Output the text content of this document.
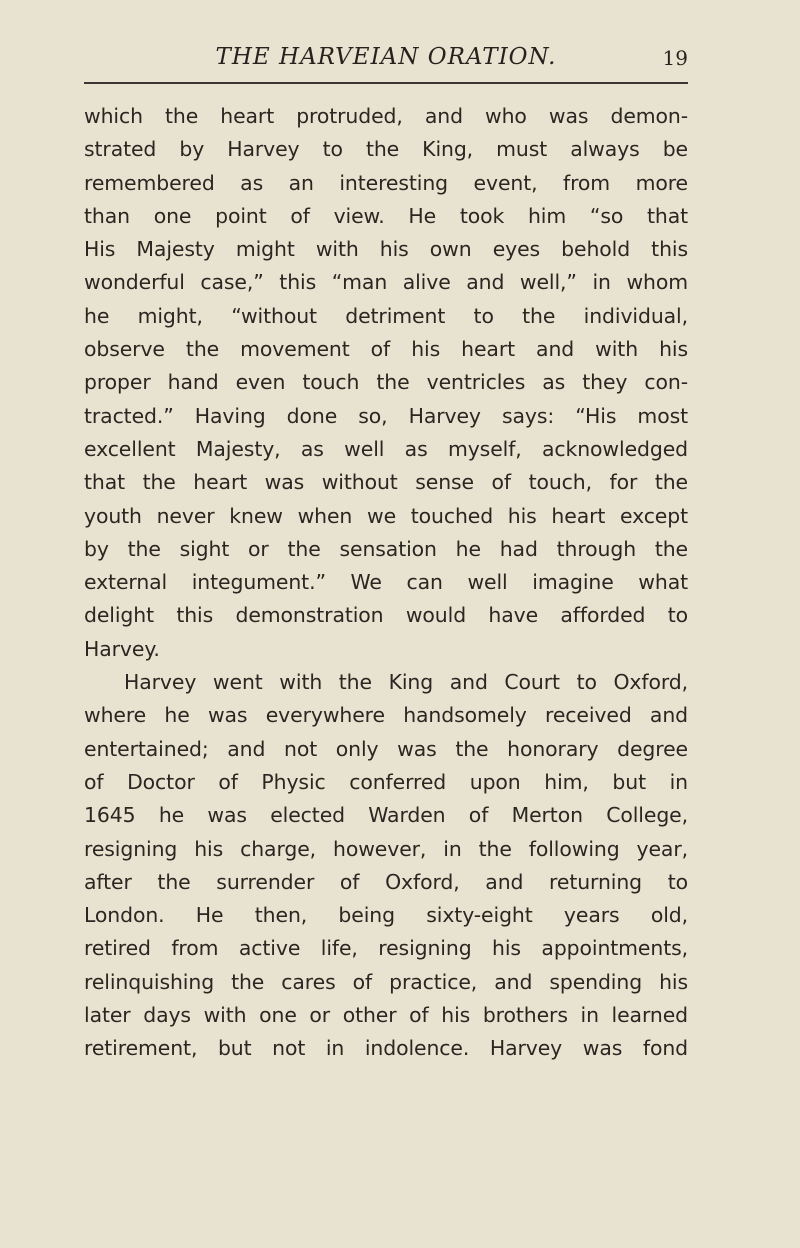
THE HARVEIAN ORATION.	19
which the heart protruded, and who was demon-
strated by Harvey to the King, must always be
remembered as an interesting event, from more
than one point of view. He took him “so that
His Majesty might with his own eyes behold this
wonderful case,” this “man alive and well,” in whom
he might, “without detriment to the individual,
observe the movement of his heart and with his
proper hand even touch the ventricles as they con-
tracted.” Having done so, Harvey says: “His most
excellent Majesty, as well as myself, acknowledged
that the heart was without sense of touch, for the
youth never knew when we touched his heart except
by the sight or the sensation he had through the
external integument.” We can well imagine what
delight this demonstration would have afforded to
Harvey.
Harvey went with the King and Court to Oxford,
where he was everywhere handsomely received and
entertained; and not only was the honorary degree
of Doctor of Physic conferred upon him, but in
1645 he was elected Warden of Merton College,
resigning his charge, however, in the following year,
after the surrender of Oxford, and returning to
London. He then, being sixty-eight years old,
retired from active life, resigning his appointments,
relinquishing the cares of practice, and spending his
later days with one or other of his brothers in learned
retirement, but not in indolence. Harvey was fond
